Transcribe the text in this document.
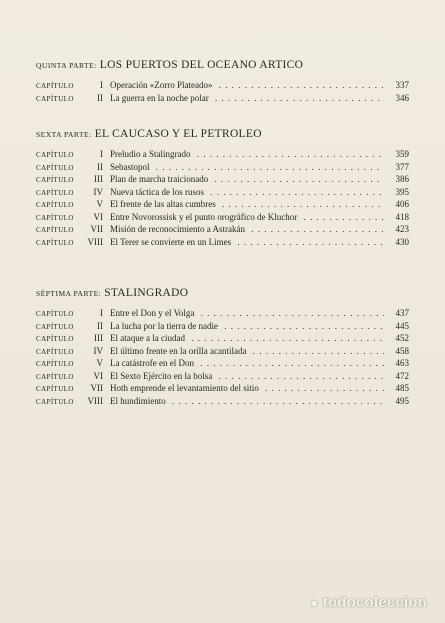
QUINTA PARTE: LOS PUERTOS DEL OCEANO ARTICO
CAPÍTULO	I Operación «Zorro Plateado» . . .	337
CAPÍTULO	II La guerra en la noche polar . . .	346
SEXTA PARTE: EL CAUCASO Y EL PETROLEO
CAPÍTULO	I Preludio a Stalingrado . . .	359
CAPÍTULO	II Sebastopol . . .	377
CAPÍTULO	III Plan de marcha traicionado . . .	386
CAPÍTULO	IV Nueva táctica de los rusos . . .	395
CAPÍTULO	V El frente de las altas cumbres . . .	406
CAPÍTULO	VI Entre Novorossisk y el punto orográfico de Kluchor . . .	418
CAPÍTULO	VII Misión de reconocimiento a Astrakán . . .	423
CAPÍTULO	VIII El Terer se convierte en un Limes . . .	430
SÉPTIMA PARTE: STALINGRADO
CAPÍTULO	I Entre el Don y el Volga . . .	437
CAPÍTULO	II La lucha por la tierra de nadie . . .	445
CAPÍTULO	III El ataque a la ciudad . . .	452
CAPÍTULO	IV El último frente en la orilla acantilada . . .	458
CAPÍTULO	V La catástrofe en el Don . . .	463
CAPÍTULO	VI El Sexto Ejército en la bolsa . . .	472
CAPÍTULO	VII Hoth emprende el levantamiento del sitio . . .	485
CAPÍTULO	VIII El hundimiento . . .	495
● todocoleccion
